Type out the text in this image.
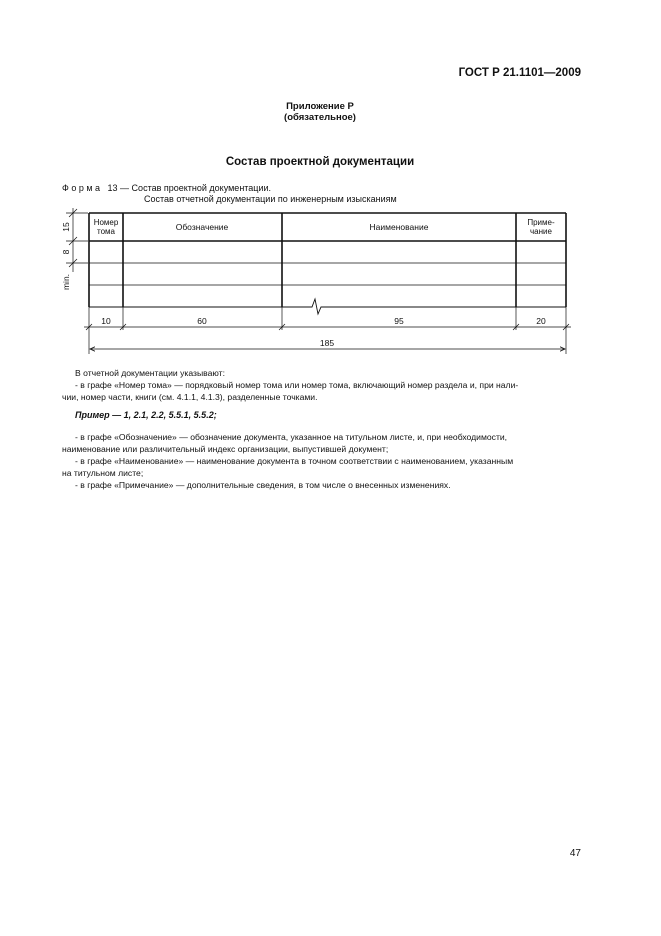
ГОСТ Р 21.1101—2009
Приложение Р
(обязательное)
Состав проектной документации
Ф о р м а   13 — Состав проектной документации.
Состав отчетной документации по инженерным изысканиям
Номер
тома	Обозначение	Наименование	Приме-
чание
15
8
min.
10	60	95	20
185
В отчетной документации указывают:
- в графе «Номер тома» — порядковый номер тома или номер тома, включающий номер раздела и, при нали-
чии, номер части, книги (см. 4.1.1, 4.1.3), разделенные точками.
Пример — 1, 2.1, 2.2, 5.5.1, 5.5.2;
- в графе «Обозначение» — обозначение документа, указанное на титульном листе, и, при необходимости,
наименование или различительный индекс организации, выпустившей документ;
- в графе «Наименование» — наименование документа в точном соответствии с наименованием, указанным
на титульном листе;
- в графе «Примечание» — дополнительные сведения, в том числе о внесенных изменениях.
47
